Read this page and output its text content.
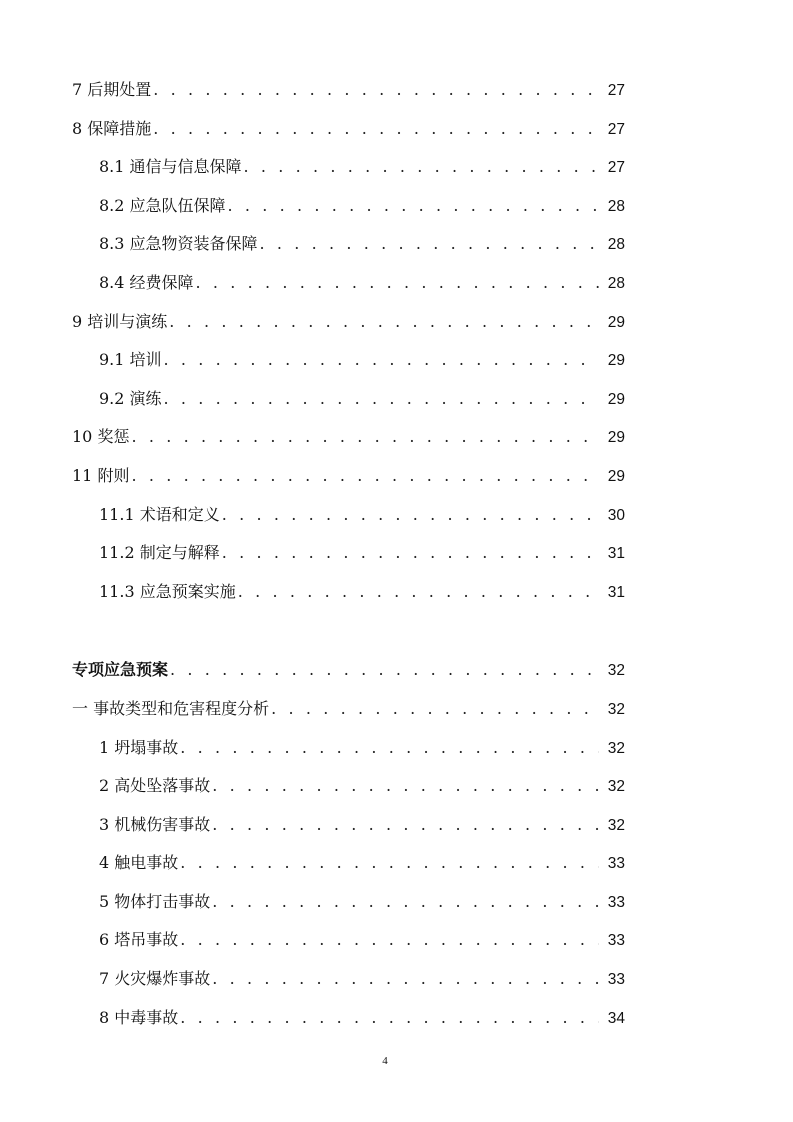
7 后期处置 . . .	27
8 保障措施 . . .	27
8.1 通信与信息保障 . . .	27
8.2 应急队伍保障 . . .	28
8.3 应急物资装备保障 . . .	28
8.4 经费保障 . . .	28
9 培训与演练 . . .	29
9.1 培训 . . .	29
9.2 演练 . . .	29
10 奖惩 . . .	29
11 附则 . . .	29
11.1 术语和定义 . . .	30
11.2 制定与解释 . . .	31
11.3 应急预案实施 . . .	31
专项应急预案 . . .	32
一 事故类型和危害程度分析 . . .	32
1 坍塌事故 . . .	32
2 高处坠落事故 . . .	32
3 机械伤害事故 . . .	32
4 触电事故 . . .	33
5 物体打击事故 . . .	33
6 塔吊事故 . . .	33
7 火灾爆炸事故 . . .	33
8 中毒事故 . . .	34
4
